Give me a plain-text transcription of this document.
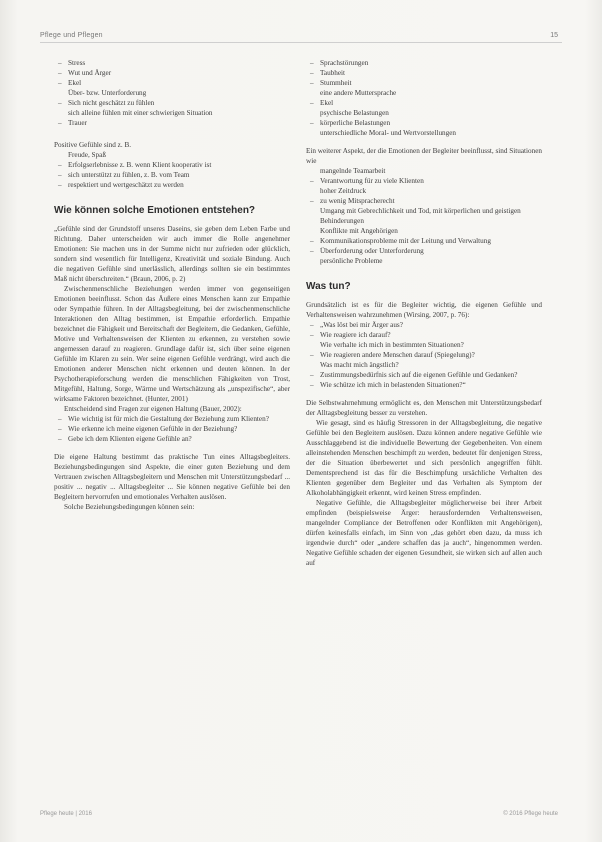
Pflege und Pflegen	15
– Stress
– Wut und Ärger
– Ekel
Über- bzw. Unterforderung
– Sich nicht geschätzt zu fühlen
sich alleine fühlen mit einer schwierigen Situation
– Trauer
Positive Gefühle sind z. B.
Freude, Spaß
– Erfolgserlebnisse z. B. wenn Klient kooperativ ist
– sich unterstützt zu fühlen, z. B. vom Team
– respektiert und wertgeschätzt zu werden
Wie können solche Emotionen entstehen?

„Gefühle sind der Grundstoff unseres Daseins, sie geben dem Leben Farbe und Richtung. Daher unterscheiden wir auch immer die Rolle angenehmer Emotionen: Sie machen uns in der Summe nicht nur zufrieden oder glücklich, sondern sind wesentlich für Intelligenz, Kreativität und soziale Bindung. Auch die negativen Gefühle sind unerlässlich, allerdings sollten sie ein bestimmtes Maß nicht überschreiten.“ (Braun, 2006, p. 2)

Zwischenmenschliche Beziehungen werden immer von gegenseitigen Emotionen beeinflusst. Schon das Äußere eines Menschen kann zur Empathie oder Sympathie führen. In der Alltagsbegleitung, bei der zwischenmenschliche Interaktionen den Alltag bestimmen, ist Empathie erforderlich. Empathie bezeichnet die Fähigkeit und Bereitschaft der Begleitern, die Gedanken, Gefühle, Motive und Verhaltensweisen der Klienten zu erkennen, zu verstehen sowie angemessen darauf zu reagieren. Grundlage dafür ist, sich über seine eigenen Gefühle im Klaren zu sein. Wer seine eigenen Gefühle verdrängt, wird auch die Emotionen anderer Menschen nicht erkennen und deuten können. In der Psychotherapieforschung werden die menschlichen Fähigkeiten von Trost, Mitgefühl, Haltung, Sorge, Wärme und Wertschätzung als „unspezifische“, aber wirksame Faktoren bezeichnet. (Hunter, 2001)

Entscheidend sind Fragen zur eigenen Haltung (Bauer, 2002):

– Wie wichtig ist für mich die Gestaltung der Beziehung zum Klienten?
– Wie erkenne ich meine eigenen Gefühle in der Beziehung?
– Gebe ich dem Klienten eigene Gefühle an?

Die eigene Haltung bestimmt das praktische Tun eines Alltagsbegleiters. Beziehungsbedingungen sind Aspekte, die einer guten Beziehung und dem Vertrauen zwischen Alltagsbegleitern und Menschen mit Unterstützungsbedarf ... positiv ... negativ ... Alltagsbegleiter ... Sie können negative Gefühle bei den Begleitern hervorrufen und emotionales Verhalten auslösen.

Solche Beziehungsbedingungen können sein:

– Sprachstörungen
– Taubheit
– Stummheit
eine andere Muttersprache
– Ekel
psychische Belastungen
– körperliche Belastungen
unterschiedliche Moral- und Wertvorstellungen

Ein weiterer Aspekt, der die Emotionen der Begleiter beeinflusst, sind Situationen wie

mangelnde Teamarbeit
– Verantwortung für zu viele Klienten
hoher Zeitdruck
– zu wenig Mitspracherecht
Umgang mit Gebrechlichkeit und Tod, mit körperlichen und geistigen Behinderungen
Konflikte mit Angehörigen
– Kommunikationsprobleme mit der Leitung und Verwaltung
– Überforderung oder Unterforderung
persönliche Probleme
Was tun?

Grundsätzlich ist es für die Begleiter wichtig, die eigenen Gefühle und Verhaltensweisen wahrzunehmen (Wirsing, 2007, p. 76):

– „Was löst bei mir Ärger aus?
– Wie reagiere ich darauf?
Wie verhalte ich mich in bestimmten Situationen?
– Wie reagieren andere Menschen darauf (Spiegelung)?
Was macht mich ängstlich?
– Zustimmungsbedürfnis sich auf die eigenen Gefühle und Gedanken?
– Wie schütze ich mich in belastenden Situationen?“

Die Selbstwahrnehmung ermöglicht es, den Menschen mit Unterstützungsbedarf der Alltagsbegleitung besser zu verstehen.

Wie gesagt, sind es häufig Stressoren in der Alltagsbegleitung, die negative Gefühle bei den Begleitern auslösen. Dazu können andere negative Gefühle wie Ausschlaggebend ist die individuelle Bewertung der Gegebenheiten. Von einem alleinstehenden Menschen beschimpft zu werden, bedeutet für denjenigen Stress, der die Situation überbewertet und sich persönlich angegriffen fühlt. Dementsprechend ist das für die Beschimpfung ursächliche Verhalten des Klienten gegenüber dem Begleiter und das Verhalten als Symptom der Alkoholabhängigkeit erkennt, wird keinen Stress empfinden.

Negative Gefühle, die Alltagsbegleiter möglicherweise bei ihrer Arbeit empfinden (beispielsweise Ärger: herausfordernden Verhaltensweisen, mangelnder Compliance der Betroffenen oder Konflikten mit Angehörigen), dürfen keinesfalls einfach, im Sinn von „das gehört eben dazu, da muss ich irgendwie durch“ oder „andere schaffen das ja auch“, hingenommen werden. Negative Gefühle schaden der eigenen Gesundheit, sie wirken sich auf allen auch auf

Pflege heute | 2016	© 2016 Pflege heute
